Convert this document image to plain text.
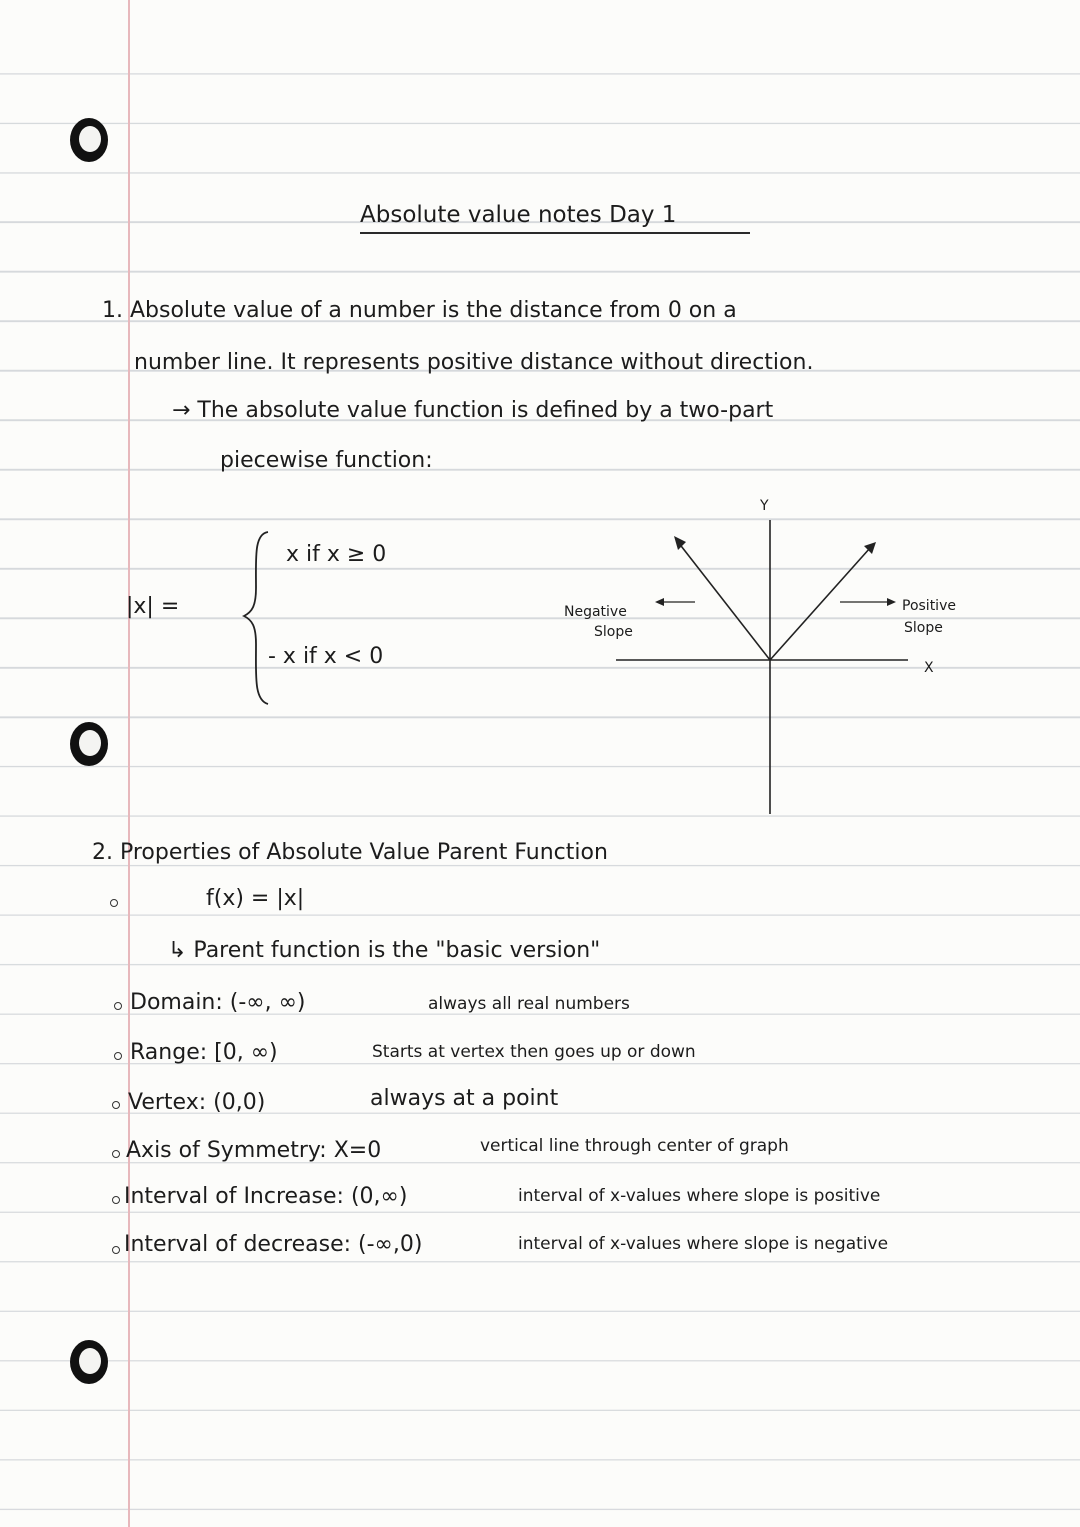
Absolute value notes Day 1
1. Absolute value of a number is the distance from 0 on a
number line. It represents positive distance without direction.
→ The absolute value function is defined by a two-part
piecewise function:
|x| =
x if x ≥ 0
- x if x < 0
Y
X
Negative
Slope
Positive
Slope
2. Properties of Absolute Value Parent Function
f(x) = |x|
↳ Parent function is the "basic version"
Domain: (-∞, ∞)	always all real numbers
Range: [0, ∞)	Starts at vertex then goes up or down
Vertex: (0,0)	always at a point
Axis of Symmetry: X=0	vertical line through center of graph
Interval of Increase: (0,∞)	interval of x-values where slope is positive
Interval of decrease: (-∞,0)	interval of x-values where slope is negative
